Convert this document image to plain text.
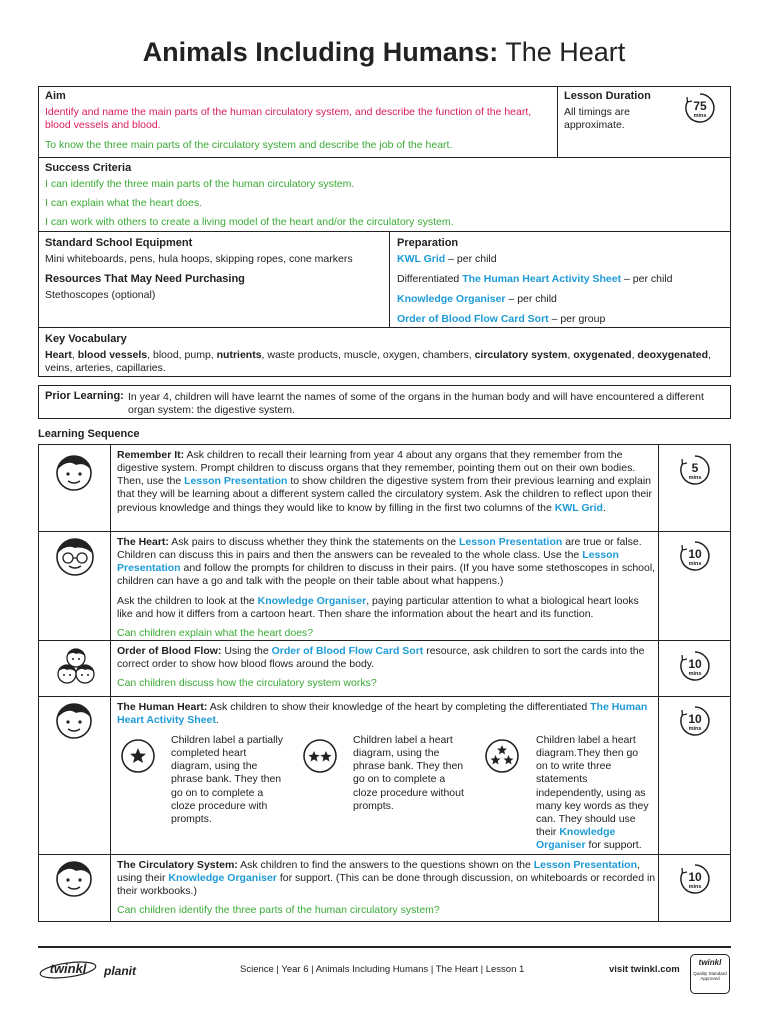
Animals Including Humans: The Heart
Aim

Identify and name the main parts of the human circulatory system, and describe the function of the heart, blood vessels and blood.

To know the three main parts of the circulatory system and describe the job of the heart.

Lesson Duration

All timings are approximate.

75
mins
Success Criteria

I can identify the three main parts of the human circulatory system.

I can explain what the heart does.

I can work with others to create a living model of the heart and/or the circulatory system.

Standard School Equipment

Mini whiteboards, pens, hula hoops, skipping ropes, cone markers

Resources That May Need Purchasing

Stethoscopes (optional)

Preparation

KWL Grid – per child

Differentiated The Human Heart Activity Sheet – per child

Knowledge Organiser – per child

Order of Blood Flow Card Sort – per group

Key Vocabulary

Heart, blood vessels, blood, pump, nutrients, waste products, muscle, oxygen, chambers, circulatory system, oxygenated, deoxygenated,

veins, arteries, capillaries.

Prior Learning: In year 4, children will have learnt the names of some of the organs in the human body and will have encountered a different organ system: the digestive system.

Learning Sequence

Remember It: Ask children to recall their learning from year 4 about any organs that they remember from the digestive system. Prompt children to discuss organs that they remember, pointing them out on their own bodies. Then, use the Lesson Presentation to show children the digestive system from their previous learning and explain that they will be learning about a different system called the circulatory system. Ask the children to reflect upon their previous knowledge and things they would like to know by filling in the first two columns of the KWL Grid.

5
mins

The Heart: Ask pairs to discuss whether they think the statements on the Lesson Presentation are true or false. Children can discuss this in pairs and then the answers can be revealed to the whole class. Use the Lesson Presentation and follow the prompts for children to discuss in their pairs. (If you have some stethoscopes in school, children can have a go and talk with the people on their table about what happens.)

Ask the children to look at the Knowledge Organiser, paying particular attention to what a biological heart looks like and how it differs from a cartoon heart. Then share the information about the heart and its function.

Can children explain what the heart does?

10
mins

Order of Blood Flow: Using the Order of Blood Flow Card Sort resource, ask children to sort the cards into the correct order to show how blood flows around the body.

Can children discuss how the circulatory system works?

10
mins

The Human Heart: Ask children to show their knowledge of the heart by completing the differentiated The Human Heart Activity Sheet.

Children label a partially completed heart diagram, using the phrase bank. They then go on to complete a cloze procedure with prompts.

Children label a heart diagram, using the phrase bank. They then go on to complete a cloze procedure without prompts.

Children label a heart diagram.They then go on to write three statements independently, using as many key words as they can. They should use their Knowledge Organiser for support.

10
mins

The Circulatory System: Ask children to find the answers to the questions shown on the Lesson Presentation, using their Knowledge Organiser for support. (This can be done through discussion, on whiteboards or recorded in their workbooks.)

Can children identify the three parts of the human circulatory system?

10
mins
twinkl planit	Science | Year 6 | Animals Including Humans | The Heart | Lesson 1	visit twinkl.com
twinkl
Quality Standard Approved
